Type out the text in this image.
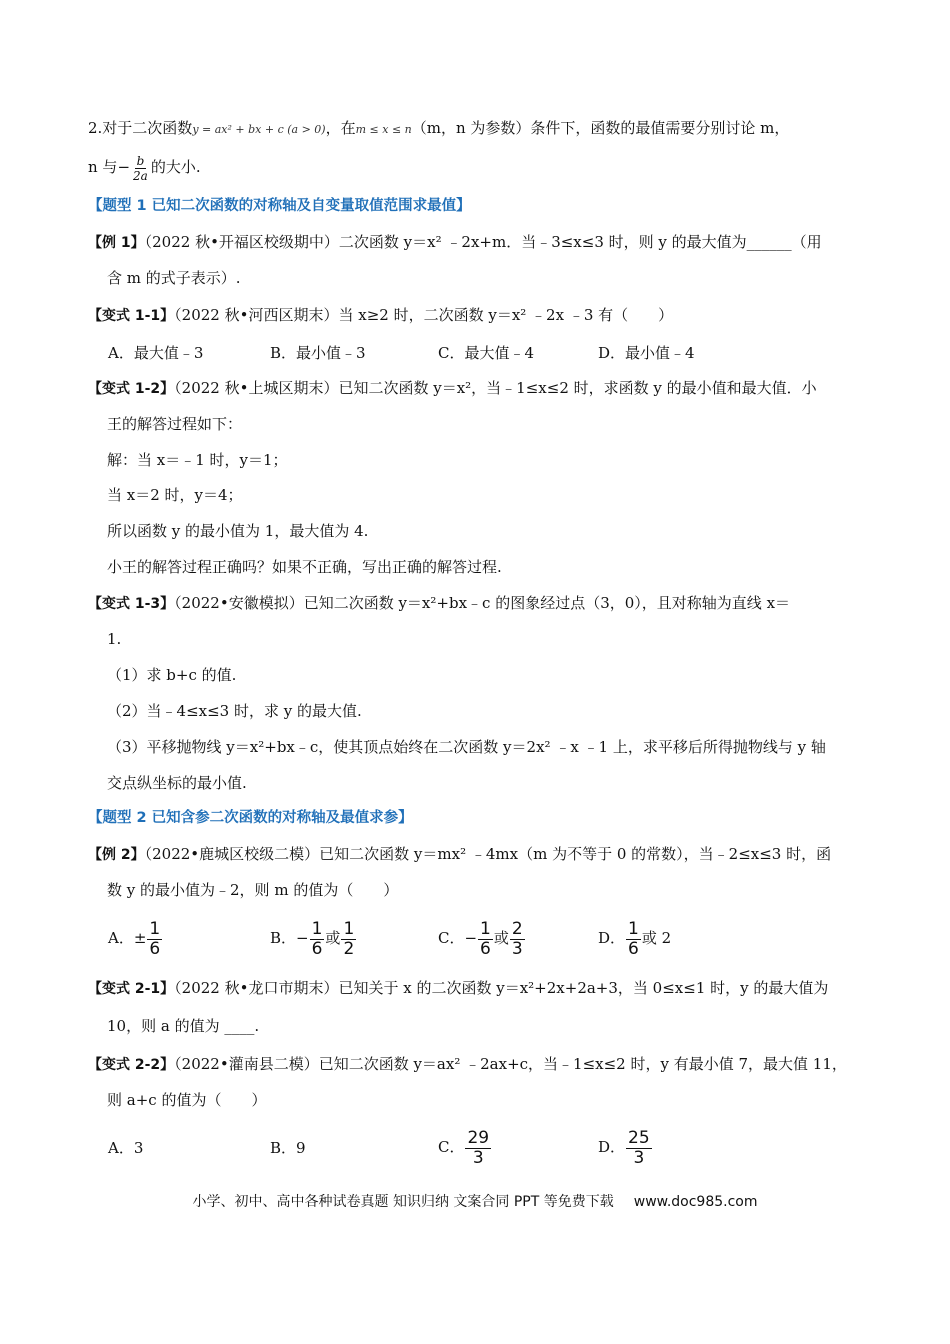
2.对于二次函数y = ax² + bx + c (a > 0)，在m ≤ x ≤ n（m，n 为参数）条件下，函数的最值需要分别讨论 m，
n 与− $\frac{b}{2a}$ 的大小.
【题型 1 已知二次函数的对称轴及自变量取值范围求最值】
【例 1】（2022 秋•开福区校级期中）二次函数 y＝x² ﹣2x+m．当﹣3≤x≤3 时，则 y 的最大值为______（用
含 m 的式子表示）.
【变式 1-1】（2022 秋•河西区期末）当 x≥2 时，二次函数 y＝x² ﹣2x ﹣3 有（　　）
A．最大值﹣3	B．最小值﹣3	C．最大值﹣4	D．最小值﹣4
【变式 1-2】（2022 秋•上城区期末）已知二次函数 y＝x²，当﹣1≤x≤2 时，求函数 y 的最小值和最大值．小
王的解答过程如下：
解：当 x＝﹣1 时，y＝1；
当 x＝2 时，y＝4；
所以函数 y 的最小值为 1，最大值为 4.
小王的解答过程正确吗？如果不正确，写出正确的解答过程.
【变式 1-3】（2022•安徽模拟）已知二次函数 y＝x²+bx﹣c 的图象经过点（3，0），且对称轴为直线 x＝
1.
（1）求 b+c 的值.
（2）当﹣4≤x≤3 时，求 y 的最大值.
（3）平移抛物线 y＝x²+bx﹣c，使其顶点始终在二次函数 y＝2x² ﹣x ﹣1 上，求平移后所得抛物线与 y 轴
交点纵坐标的最小值.
【题型 2 已知含参二次函数的对称轴及最值求参】
【例 2】（2022•鹿城区校级二模）已知二次函数 y＝mx² ﹣4mx（m 为不等于 0 的常数），当﹣2≤x≤3 时，函
数 y 的最小值为﹣2，则 m 的值为（　　）
A．± $\frac{1}{6}$	B．− $\frac{1}{6}$ 或 $\frac{1}{2}$	C．− $\frac{1}{6}$ 或 $\frac{2}{3}$	D． $\frac{1}{6}$ 或 2
【变式 2-1】（2022 秋•龙口市期末）已知关于 x 的二次函数 y＝x²+2x+2a+3，当 0≤x≤1 时，y 的最大值为
10，则 a 的值为 ____.
【变式 2-2】（2022•灌南县二模）已知二次函数 y＝ax² ﹣2ax+c，当﹣1≤x≤2 时，y 有最小值 7，最大值 11，
则 a+c 的值为（　　）
A．3	B．9	C． $\frac{29}{3}$	D． $\frac{25}{3}$
小学、初中、高中各种试卷真题 知识归纳 文案合同 PPT 等免费下载 www.doc985.com
